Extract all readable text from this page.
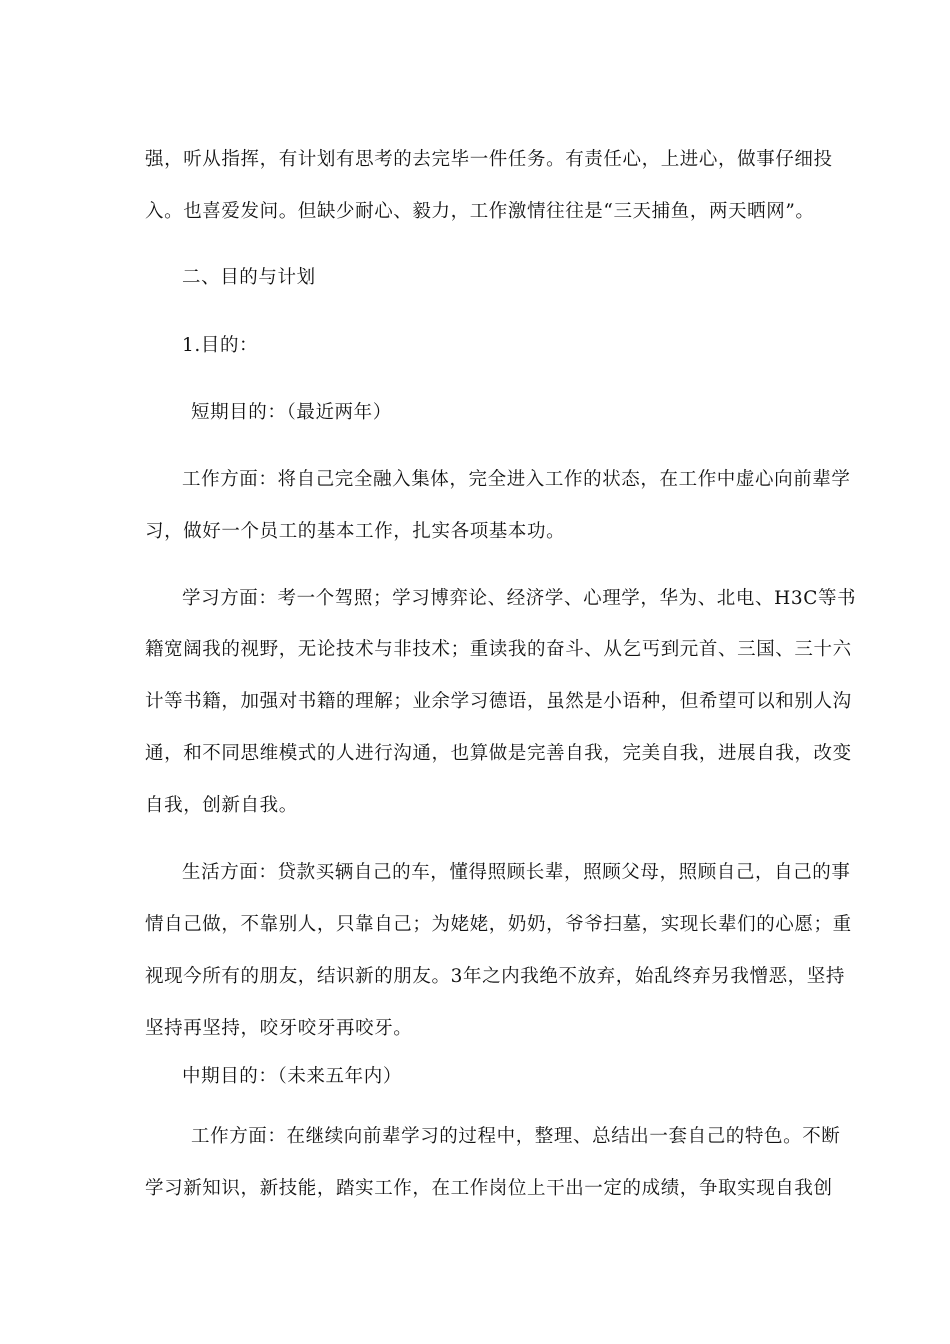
强，听从指挥，有计划有思考的去完毕一件任务。有责任心，上进心，做事仔细投
入。也喜爱发问。但缺少耐心、毅力，工作激情往往是“三天捕鱼，两天晒网”。
二、目的与计划
1.目的：
短期目的：（最近两年）
工作方面：将自己完全融入集体，完全进入工作的状态，在工作中虚心向前辈学
习，做好一个员工的基本工作，扎实各项基本功。
学习方面：考一个驾照；学习博弈论、经济学、心理学，华为、北电、H3C等书
籍宽阔我的视野，无论技术与非技术；重读我的奋斗、从乞丐到元首、三国、三十六
计等书籍，加强对书籍的理解；业余学习德语，虽然是小语种，但希望可以和别人沟
通，和不同思维模式的人进行沟通，也算做是完善自我，完美自我，进展自我，改变
自我，创新自我。
生活方面：贷款买辆自己的车，懂得照顾长辈，照顾父母，照顾自己，自己的事
情自己做，不靠别人，只靠自己；为姥姥，奶奶，爷爷扫墓，实现长辈们的心愿；重
视现今所有的朋友，结识新的朋友。3年之内我绝不放弃，始乱终弃另我憎恶，坚持
坚持再坚持，咬牙咬牙再咬牙。
中期目的：（未来五年内）
工作方面：在继续向前辈学习的过程中，整理、总结出一套自己的特色。不断
学习新知识，新技能，踏实工作，在工作岗位上干出一定的成绩，争取实现自我创
